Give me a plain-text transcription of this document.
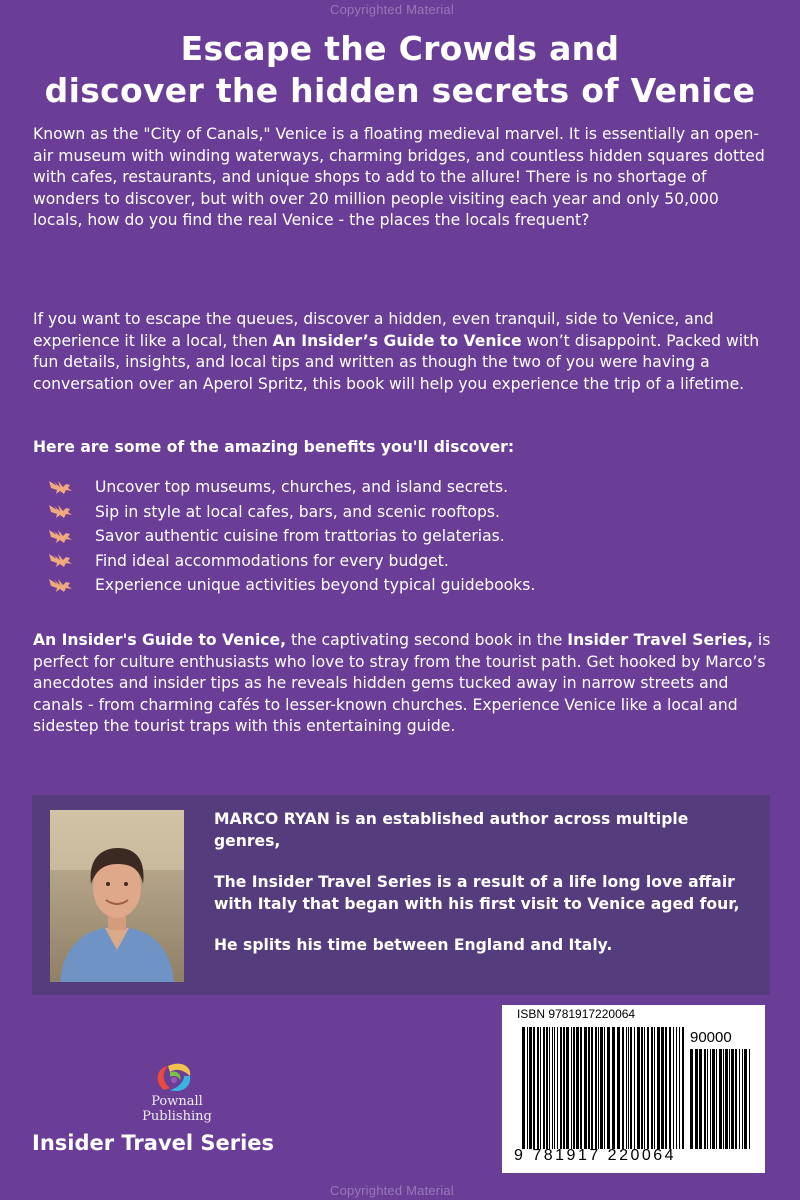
Copyrighted Material
Escape the Crowds and
discover the hidden secrets of Venice
Known as the "City of Canals," Venice is a floating medieval marvel. It is essentially an open-air museum with winding waterways, charming bridges, and countless hidden squares dotted with cafes, restaurants, and unique shops to add to the allure! There is no shortage of wonders to discover, but with over 20 million people visiting each year and only 50,000 locals, how do you find the real Venice - the places the locals frequent?
If you want to escape the queues, discover a hidden, even tranquil, side to Venice, and experience it like a local, then An Insider’s Guide to Venice won’t disappoint. Packed with fun details, insights, and local tips and written as though the two of you were having a conversation over an Aperol Spritz, this book will help you experience the trip of a lifetime.
Here are some of the amazing benefits you'll discover:
Uncover top museums, churches, and island secrets.
Sip in style at local cafes, bars, and scenic rooftops.
Savor authentic cuisine from trattorias to gelaterias.
Find ideal accommodations for every budget.
Experience unique activities beyond typical guidebooks.
An Insider's Guide to Venice, the captivating second book in the Insider Travel Series, is perfect for culture enthusiasts who love to stray from the tourist path. Get hooked by Marco’s anecdotes and insider tips as he reveals hidden gems tucked away in narrow streets and canals - from charming cafés to lesser-known churches. Experience Venice like a local and sidestep the tourist traps with this entertaining guide.

MARCO RYAN is an established author across multiple genres,

The Insider Travel Series is a result of a life long love affair with Italy that began with his first visit to Venice aged four,

He splits his time between England and Italy.

Pownall
Publishing
Insider Travel Series
ISBN 9781917220064
90000
9 781917 220064
Copyrighted Material
